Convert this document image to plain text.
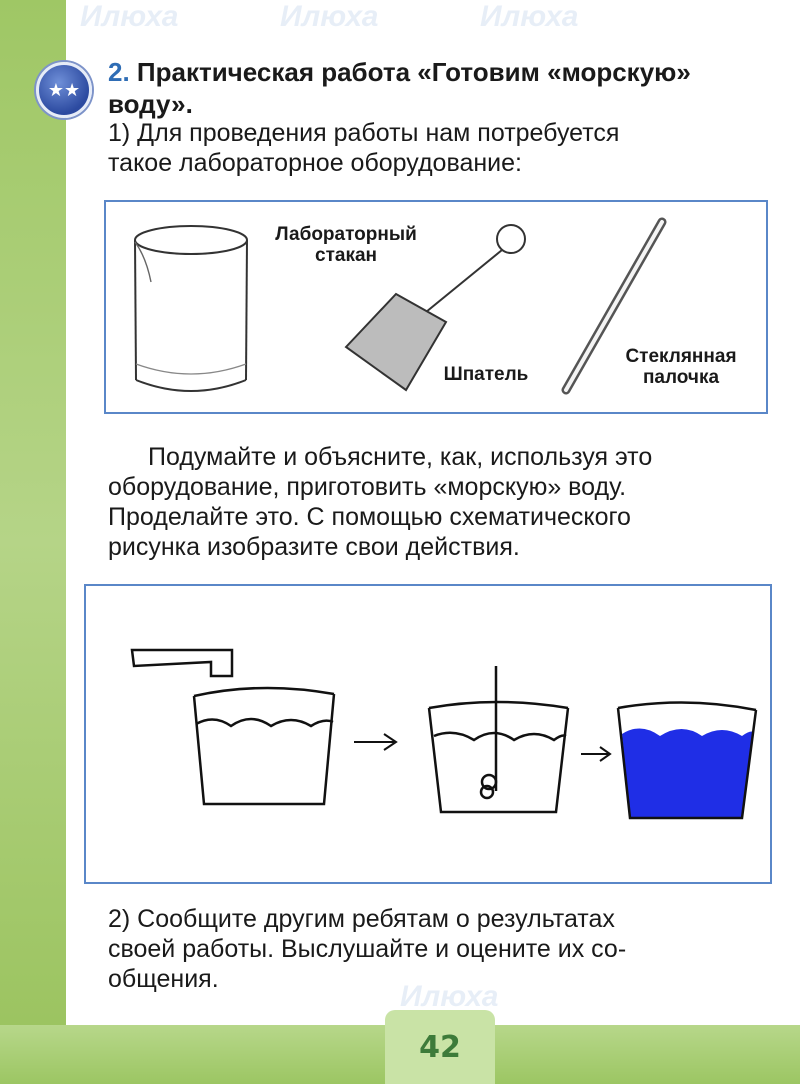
42
★★
2. Практическая работа «Готовим «морскую» воду».
1) Для проведения работы нам потребуется
такое лабораторное оборудование:
Лабораторный
стакан
Шпатель
Стеклянная
палочка
Подумайте и объясните, как, используя это
оборудование, приготовить «морскую» воду.
Проделайте это. С помощью схематического
рисунка изобразите свои действия.
2) Сообщите другим ребятам о результатах
своей работы. Выслушайте и оцените их со-
общения.
